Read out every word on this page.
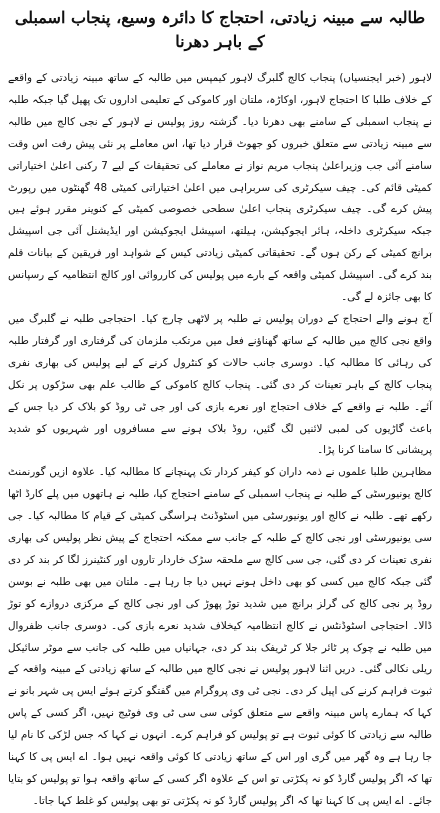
طالبہ سے مبینہ زیادتی، احتجاج کا دائرہ وسیع، پنجاب اسمبلی کے باہر دھرنا

لاہور (خبر ایجنسیاں) پنجاب کالج گلبرگ لاہور کیمپس میں طالبہ کے ساتھ مبینہ زیادتی کے واقعے کے خلاف طلبا کا احتجاج لاہور، اوکاڑہ، ملتان اور کاموکی کے تعلیمی اداروں تک پھیل گیا جبکہ طلبہ نے پنجاب اسمبلی کے سامنے بھی دھرنا دیا۔ گزشتہ روز پولیس نے لاہور کے نجی کالج میں طالبہ سے مبینہ زیادتی سے متعلق خبروں کو جھوٹ قرار دیا تھا، اس معاملے پر نئی پیش رفت اس وقت سامنے آئی جب وزیراعلیٰ پنجاب مریم نواز نے معاملے کی تحقیقات کے لیے 7 رکنی اعلیٰ اختیاراتی کمیٹی قائم کی۔ چیف سیکرٹری کی سربراہی میں اعلیٰ اختیاراتی کمیٹی 48 گھنٹوں میں رپورٹ پیش کرے گی۔ چیف سیکرٹری پنجاب اعلیٰ سطحی خصوصی کمیٹی کے کنوینر مقرر ہوئے ہیں جبکہ سیکرٹری داخلہ، ہائر ایجوکیشن، ہیلتھ، اسپیشل ایجوکیشن اور ایڈیشنل آئی جی اسپیشل برانچ کمیٹی کے رکن ہوں گے۔ تحقیقاتی کمیٹی زیادتی کیس کے شواہد اور فریقین کے بیانات قلم بند کرے گی۔ اسپیشل کمیٹی واقعہ کے بارے میں پولیس کی کارروائی اور کالج انتظامیہ کے رسپانس کا بھی جائزہ لے گی۔

آج ہونے والے احتجاج کے دوران پولیس نے طلبہ پر لاٹھی چارج کیا۔ احتجاجی طلبہ نے گلبرگ میں واقع نجی کالج میں طالبہ کے ساتھ گھناؤنے فعل میں مرتکب ملزمان کی گرفتاری اور گرفتار طلبہ کی رہائی کا مطالبہ کیا۔ دوسری جانب حالات کو کنٹرول کرنے کے لیے پولیس کی بھاری نفری پنجاب کالج کے باہر تعینات کر دی گئی۔ پنجاب کالج کاموکی کے طالب علم بھی سڑکوں پر نکل آئے۔ طلبہ نے واقعے کے خلاف احتجاج اور نعرے بازی کی اور جی ٹی روڈ کو بلاک کر دیا جس کے باعث گاڑیوں کی لمبی لائنیں لگ گئیں، روڈ بلاک ہونے سے مسافروں اور شہریوں کو شدید پریشانی کا سامنا کرنا پڑا۔

مظاہرین طلبا علموں نے ذمہ داران کو کیفر کردار تک پہنچانے کا مطالبہ کیا۔ علاوہ ازیں گورنمنٹ کالج یونیورسٹی کے طلبہ نے پنجاب اسمبلی کے سامنے احتجاج کیا، طلبہ نے ہاتھوں میں پلے کارڈ اٹھا رکھے تھے۔ طلبہ نے کالج اور یونیورسٹی میں اسٹوڈنٹ ہراسگی کمیٹی کے قیام کا مطالبہ کیا۔ جی سی یونیورسٹی اور نجی کالج کے طلبہ کے جانب سے ممکنہ احتجاج کے پیش نظر پولیس کی بھاری نفری تعینات کر دی گئی، جی سی کالج سے ملحقہ سڑک خاردار تاروں اور کنٹینرز لگا کر بند کر دی گئی جبکہ کالج میں کسی کو بھی داخل ہونے نہیں دیا جا رہا ہے۔ ملتان میں بھی طلبہ نے بوسن روڈ پر نجی کالج کی گرلز برانچ میں شدید توڑ پھوڑ کی اور نجی کالج کے مرکزی دروازے کو توڑ ڈالا۔ احتجاجی اسٹوڈنٹس نے کالج انتظامیہ کیخلاف شدید نعرے بازی کی۔ دوسری جانب ظفروال میں طلبہ نے چوک پر ٹائر جلا کر ٹریفک بند کر دی، جہانیاں میں طلبہ کی جانب سے موٹر سائیکل ریلی نکالی گئی۔ دریں اثنا لاہور پولیس نے نجی کالج میں طالبہ کے ساتھ زیادتی کے مبینہ واقعہ کے ثبوت فراہم کرنے کی اپیل کر دی۔ نجی ٹی وی پروگرام میں گفتگو کرتے ہوئے ایس پی شہر بانو نے کہا کہ ہمارے پاس مبینہ واقعے سے متعلق کوئی سی سی ٹی وی فوٹیج نہیں، اگر کسی کے پاس طالبہ سے زیادتی کا کوئی ثبوت ہے تو پولیس کو فراہم کرے۔ انہوں نے کہا کہ جس لڑکی کا نام لیا جا رہا ہے وہ گھر میں گری اور اس کے ساتھ زیادتی کا کوئی واقعہ نہیں ہوا۔ اے ایس پی کا کہنا تھا کہ اگر پولیس گارڈ کو نہ پکڑتی تو اس کے علاوہ اگر کسی کے ساتھ واقعہ ہوا تو پولیس کو بتایا جائے۔ اے ایس پی کا کہنا تھا کہ اگر پولیس گارڈ کو نہ پکڑتی تو بھی پولیس کو غلط کہا جاتا۔
